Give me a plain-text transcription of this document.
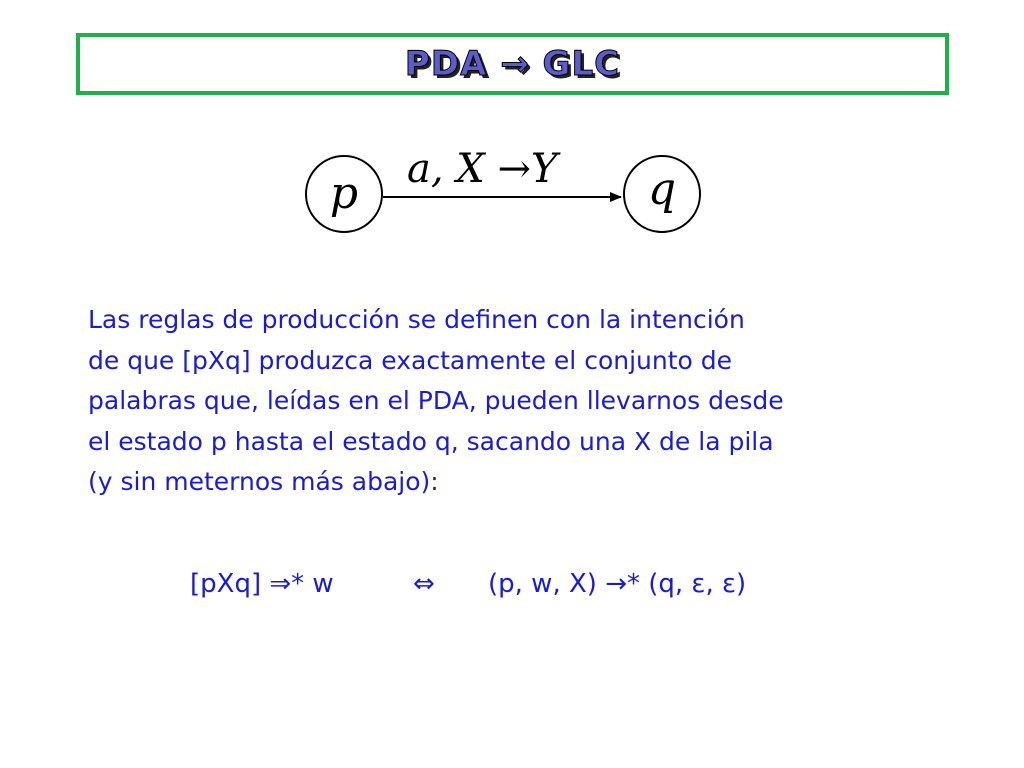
PDA → GLC
p	q
a, X →Y
Las reglas de producción se definen con la intención
de que [pXq] produzca exactamente el conjunto de
palabras que, leídas en el PDA, pueden llevarnos desde
el estado p hasta el estado q, sacando una X de la pila
(y sin meternos más abajo):
[pXq] ⇒* w	⇔ (p, w, X) →* (q, ε, ε)
